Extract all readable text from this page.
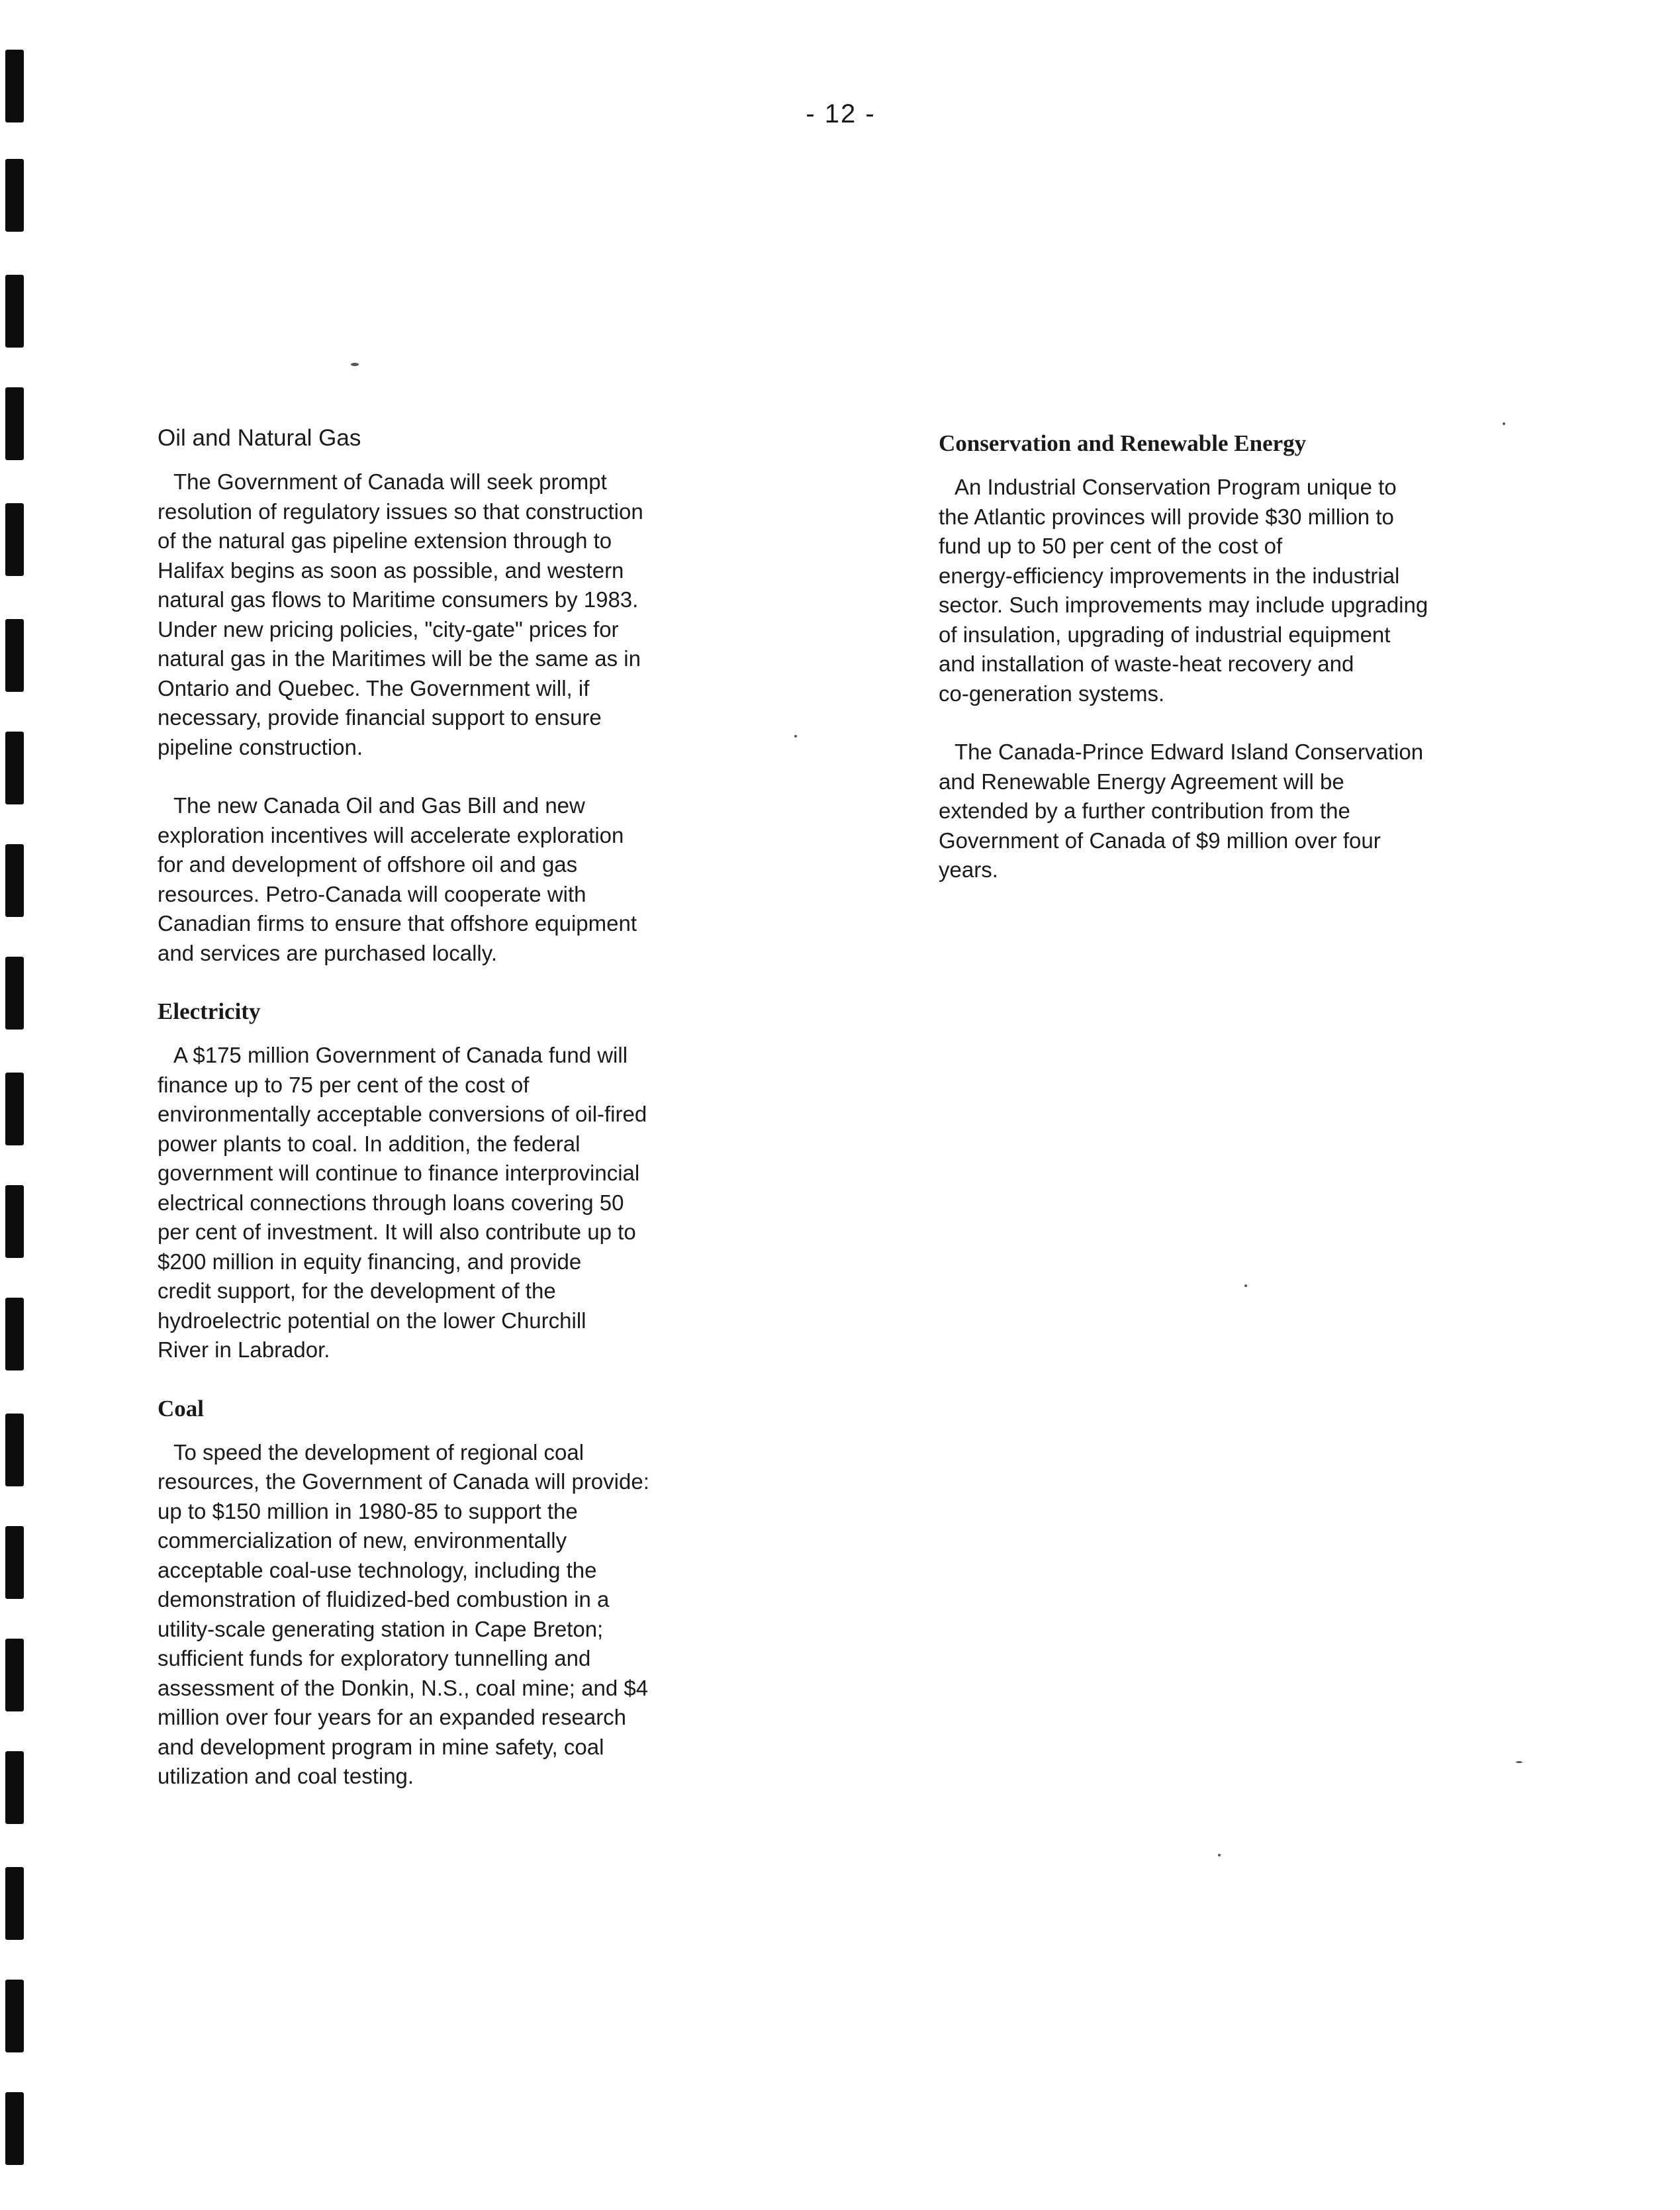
- 12 -
Oil and Natural Gas

The Government of Canada will seek prompt
resolution of regulatory issues so that construction
of the natural gas pipeline extension through to
Halifax begins as soon as possible, and western
natural gas flows to Maritime consumers by 1983.
Under new pricing policies, "city-gate" prices for
natural gas in the Maritimes will be the same as in
Ontario and Quebec. The Government will, if
necessary, provide financial support to ensure
pipeline construction.

The new Canada Oil and Gas Bill and new
exploration incentives will accelerate exploration
for and development of offshore oil and gas
resources. Petro-Canada will cooperate with
Canadian firms to ensure that offshore equipment
and services are purchased locally.

Electricity

A $175 million Government of Canada fund will
finance up to 75 per cent of the cost of
environmentally acceptable conversions of oil-fired
power plants to coal. In addition, the federal
government will continue to finance interprovincial
electrical connections through loans covering 50
per cent of investment. It will also contribute up to
$200 million in equity financing, and provide
credit support, for the development of the
hydroelectric potential on the lower Churchill
River in Labrador.

Coal

To speed the development of regional coal
resources, the Government of Canada will provide:
up to $150 million in 1980-85 to support the
commercialization of new, environmentally
acceptable coal-use technology, including the
demonstration of fluidized-bed combustion in a
utility-scale generating station in Cape Breton;
sufficient funds for exploratory tunnelling and
assessment of the Donkin, N.S., coal mine; and $4
million over four years for an expanded research
and development program in mine safety, coal
utilization and coal testing.

Conservation and Renewable Energy

An Industrial Conservation Program unique to
the Atlantic provinces will provide $30 million to
fund up to 50 per cent of the cost of
energy-efficiency improvements in the industrial
sector. Such improvements may include upgrading
of insulation, upgrading of industrial equipment
and installation of waste-heat recovery and
co-generation systems.

The Canada-Prince Edward Island Conservation
and Renewable Energy Agreement will be
extended by a further contribution from the
Government of Canada of $9 million over four
years.
